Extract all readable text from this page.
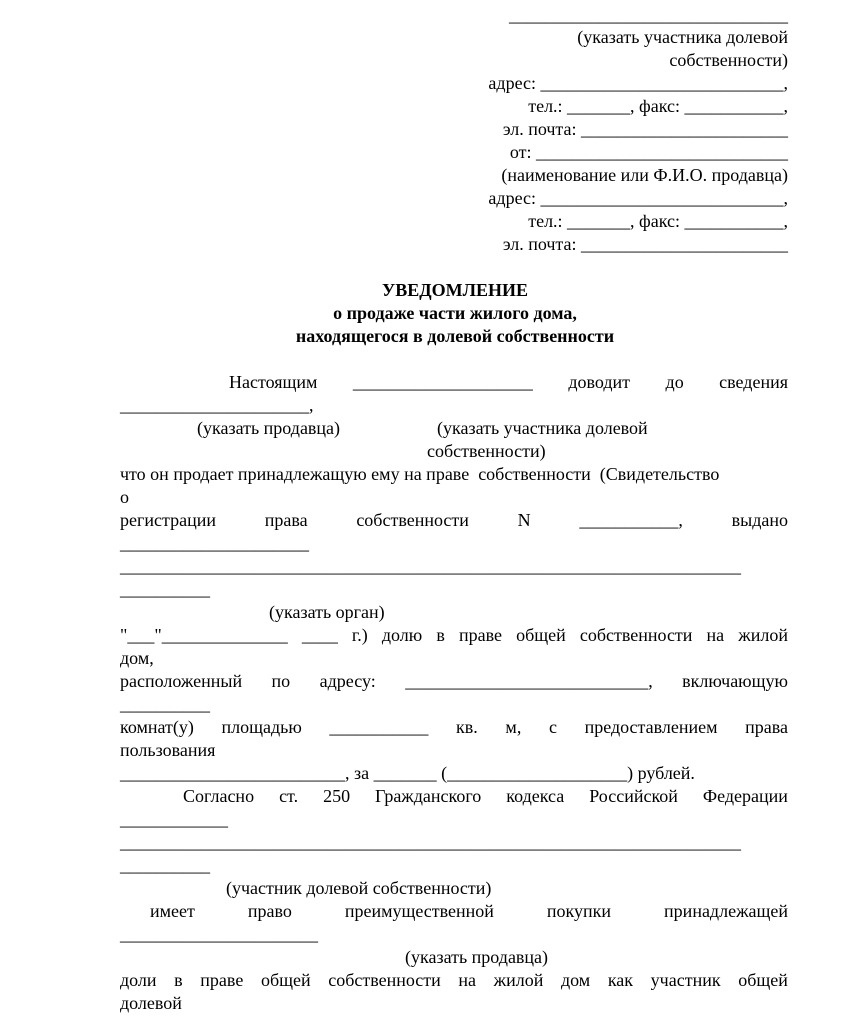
_______________________________
(указать участника долевой
собственности)
адрес: ___________________________,
тел.: _______, факс: ___________,
эл. почта: _______________________
от: ____________________________
(наименование или Ф.И.О. продавца)
адрес: ___________________________,
тел.: _______, факс: ___________,
эл. почта: _______________________
УВЕДОМЛЕНИЕ
о продаже части жилого дома,
находящегося в долевой собственности
Настоящим ____________________ доводит до сведения
_____________________,
(указать продавца)	(указать участника долевой
собственности)
что он продает принадлежащую ему на праве  собственности  (Свидетельство
о
регистрации	права	собственности	N	___________,	выдано
_____________________
_____________________________________________________________________
__________
(указать орган)
"___"______________ ____ г.) долю в праве общей собственности на жилой
дом,
расположенный по адресу: ___________________________, включающую
__________
комнат(у) площадью ___________ кв. м, с предоставлением права
пользования
_________________________, за _______ (____________________) рублей.
Согласно ст. 250 Гражданского кодекса Российской Федерации
____________
_____________________________________________________________________
__________
(участник долевой собственности)
имеет	право	преимущественной	покупки	принадлежащей
______________________
(указать продавца)
доли в праве общей собственности на жилой дом как участник общей
долевой
